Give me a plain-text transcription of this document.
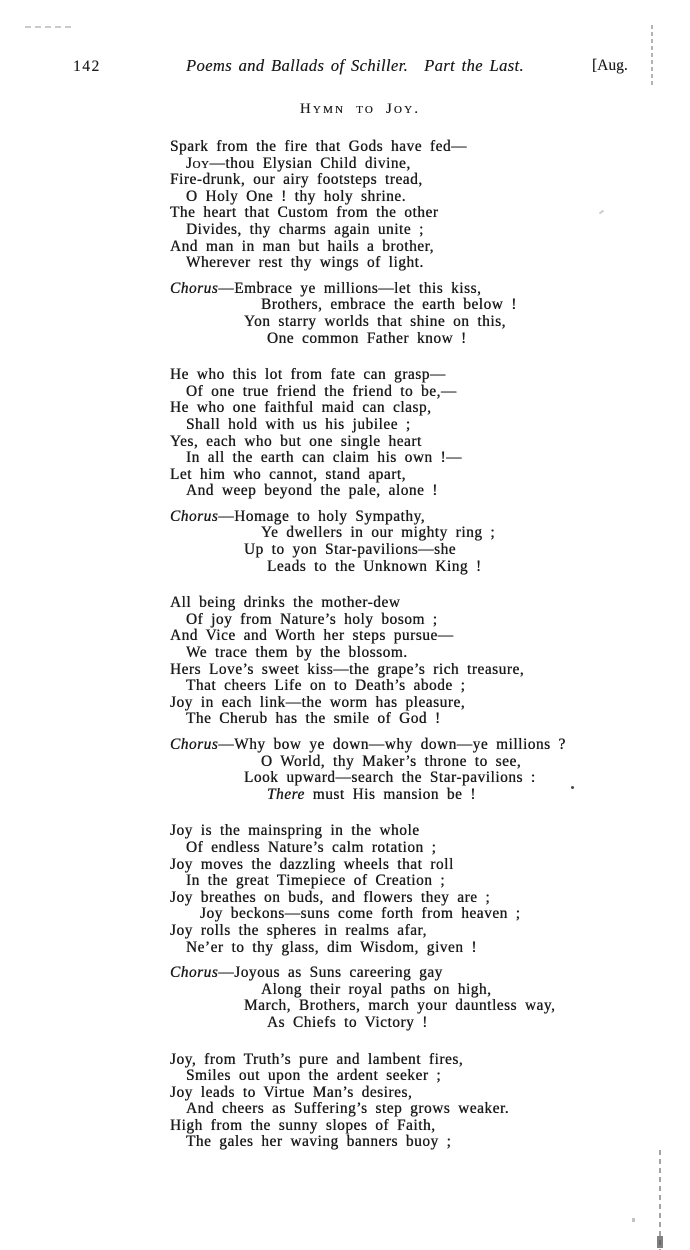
142	Poems and Ballads of Schiller. Part the Last.	[Aug.
Hymn to Joy.
Spark from the fire that Gods have fed—
Joy—thou Elysian Child divine,
Fire-drunk, our airy footsteps tread,
O Holy One ! thy holy shrine.
The heart that Custom from the other
Divides, thy charms again unite ;
And man in man but hails a brother,
Wherever rest thy wings of light.
Chorus—Embrace ye millions—let this kiss,
Brothers, embrace the earth below !
Yon starry worlds that shine on this,
One common Father know !
He who this lot from fate can grasp—
Of one true friend the friend to be,—
He who one faithful maid can clasp,
Shall hold with us his jubilee ;
Yes, each who but one single heart
In all the earth can claim his own !—
Let him who cannot, stand apart,
And weep beyond the pale, alone !
Chorus—Homage to holy Sympathy,
Ye dwellers in our mighty ring ;
Up to yon Star-pavilions—she
Leads to the Unknown King !
All being drinks the mother-dew
Of joy from Nature’s holy bosom ;
And Vice and Worth her steps pursue—
We trace them by the blossom.
Hers Love’s sweet kiss—the grape’s rich treasure,
That cheers Life on to Death’s abode ;
Joy in each link—the worm has pleasure,
The Cherub has the smile of God !
Chorus—Why bow ye down—why down—ye millions ?
O World, thy Maker’s throne to see,
Look upward—search the Star-pavilions :
There must His mansion be !
Joy is the mainspring in the whole
Of endless Nature’s calm rotation ;
Joy moves the dazzling wheels that roll
In the great Timepiece of Creation ;
Joy breathes on buds, and flowers they are ;
Joy beckons—suns come forth from heaven ;
Joy rolls the spheres in realms afar,
Ne’er to thy glass, dim Wisdom, given !
Chorus—Joyous as Suns careering gay
Along their royal paths on high,
March, Brothers, march your dauntless way,
As Chiefs to Victory !
Joy, from Truth’s pure and lambent fires,
Smiles out upon the ardent seeker ;
Joy leads to Virtue Man’s desires,
And cheers as Suffering’s step grows weaker.
High from the sunny slopes of Faith,
The gales her waving banners buoy ;
